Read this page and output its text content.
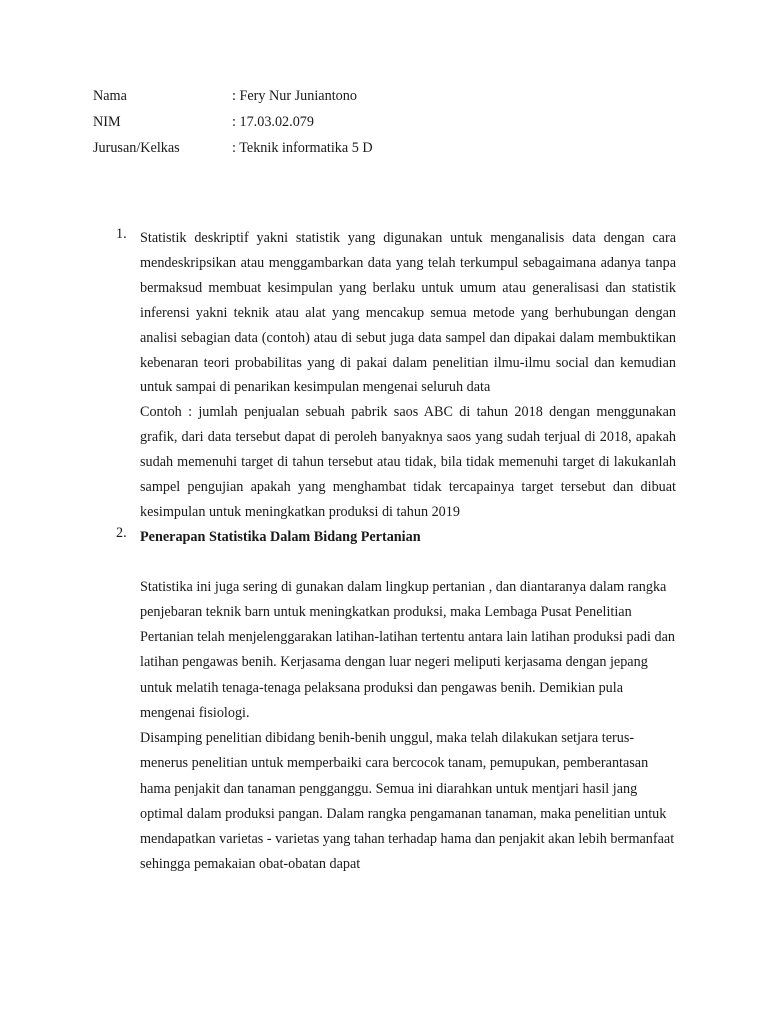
Nama	: Fery Nur Juniantono
NIM	: 17.03.02.079
Jurusan/Kelkas	: Teknik informatika 5 D
1. Statistik deskriptif yakni statistik yang digunakan untuk menganalisis data dengan cara mendeskripsikan atau menggambarkan data yang telah terkumpul sebagaimana adanya tanpa bermaksud membuat kesimpulan yang berlaku untuk umum atau generalisasi dan statistik inferensi yakni teknik atau alat yang mencakup semua metode yang berhubungan dengan analisi sebagian data (contoh) atau di sebut juga data sampel dan dipakai dalam membuktikan kebenaran teori probabilitas yang di pakai dalam penelitian ilmu-ilmu social dan kemudian untuk sampai di penarikan kesimpulan mengenai seluruh data

Contoh : jumlah penjualan sebuah pabrik saos ABC di tahun 2018 dengan menggunakan grafik, dari data tersebut dapat di peroleh banyaknya saos yang sudah terjual di 2018, apakah sudah memenuhi target di tahun tersebut atau tidak, bila tidak memenuhi target di lakukanlah sampel pengujian apakah yang menghambat tidak tercapainya target tersebut dan dibuat kesimpulan untuk meningkatkan produksi di tahun 2019

2. Penerapan Statistika Dalam Bidang Pertanian

Statistika ini juga sering di gunakan dalam lingkup pertanian , dan diantaranya dalam rangka penjebaran teknik barn untuk meningkatkan produksi, maka Lembaga Pusat Penelitian Pertanian telah menjelenggarakan latihan-latihan tertentu antara lain latihan produksi padi dan latihan pengawas benih. Kerjasama dengan luar negeri meliputi kerjasama dengan jepang untuk melatih tenaga-tenaga pelaksana produksi dan pengawas benih. Demikian pula mengenai fisiologi.

Disamping penelitian dibidang benih-benih unggul, maka telah dilakukan setjara terus-menerus penelitian untuk memperbaiki cara bercocok tanam, pemupukan, pemberantasan hama penjakit dan tanaman pengganggu. Semua ini diarahkan untuk mentjari hasil jang optimal dalam produksi pangan. Dalam rangka pengamanan tanaman, maka penelitian untuk mendapatkan varietas - varietas yang tahan terhadap hama dan penjakit akan lebih bermanfaat sehingga pemakaian obat-obatan dapat
